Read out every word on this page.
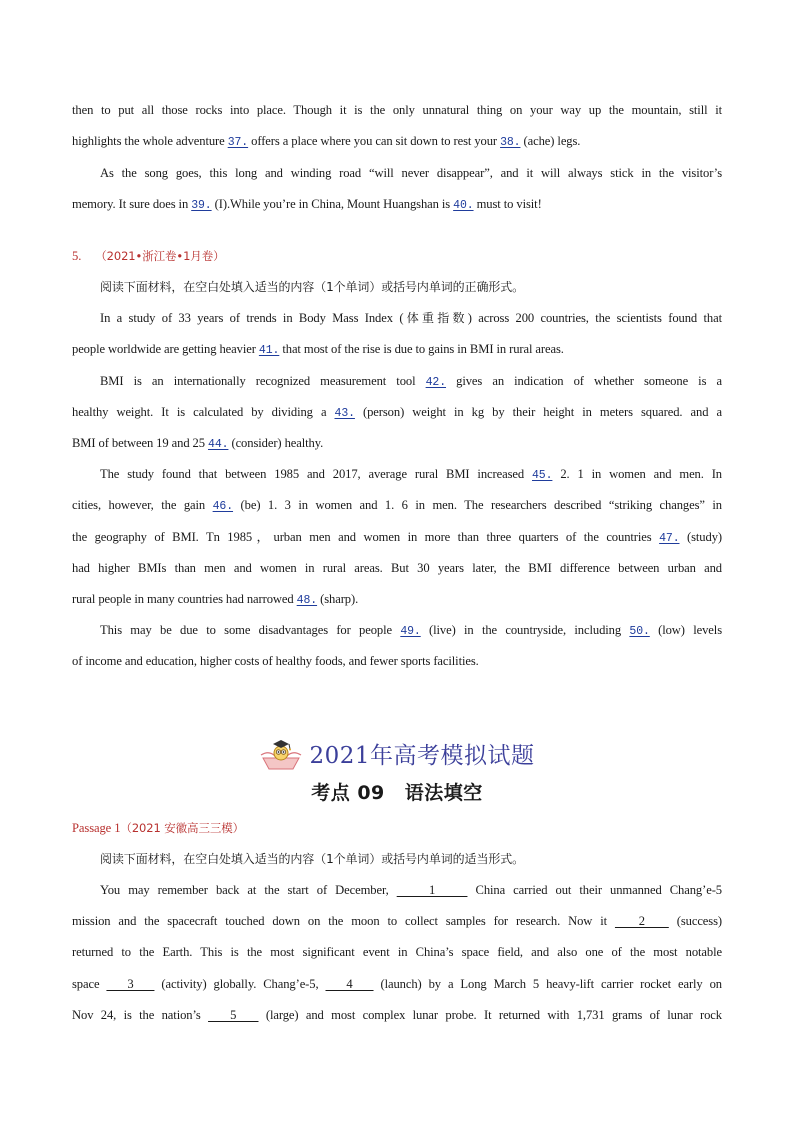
then to put all those rocks into place. Though it is the only unnatural thing on your way up the mountain, still it
highlights the whole adventure 37. offers a place where you can sit down to rest your 38. (ache) legs.
As the song goes, this long and winding road “will never disappear”, and it will always stick in the visitor’s
memory. It sure does in 39. (I).While you’re in China, Mount Huangshan is 40. must to visit!
5. （2021•浙江卷•1月卷）
阅读下面材料，在空白处填入适当的内容（1个单词）或括号内单词的正确形式。
In a study of 33 years of trends in Body Mass Index (体重指数) across 200 countries, the scientists found that
people worldwide are getting heavier 41. that most of the rise is due to gains in BMI in rural areas.
BMI is an internationally recognized measurement tool 42. gives an indication of whether someone is a
healthy weight. It is calculated by dividing a 43. (person) weight in kg by their height in meters squared. and a
BMI of between 19 and 25 44. (consider) healthy.
The study found that between 1985 and 2017, average rural BMI increased 45. 2. 1 in women and men. In
cities, however, the gain 46. (be) 1. 3 in women and 1. 6 in men. The researchers described “striking changes” in
the geography of BMI. Tn 1985，urban men and women in more than three quarters of the countries 47. (study)
had higher BMIs than men and women in rural areas. But 30 years later, the BMI difference between urban and
rural people in many countries had narrowed 48. (sharp).
This may be due to some disadvantages for people 49. (live) in the countryside, including 50. (low) levels
of income and education, higher costs of healthy foods, and fewer sports facilities.
2021年高考模拟试题
考点 09 语法填空
Passage 1（2021 安徽高三三模）
阅读下面材料，在空白处填入适当的内容（1个单词）或括号内单词的适当形式。
You may remember back at the start of December,     1     China carried out their unmanned Chang’e-5
mission and the spacecraft touched down on the moon to collect samples for research. Now it    2    (success)
returned to the Earth. This is the most significant event in China’s space field, and also one of the most notable
space    3    (activity) globally. Chang’e-5,    4    (launch) by a Long March 5 heavy-lift carrier rocket early on
Nov 24, is the nation’s    5    (large) and most complex lunar probe. It returned with 1,731 grams of lunar rock
